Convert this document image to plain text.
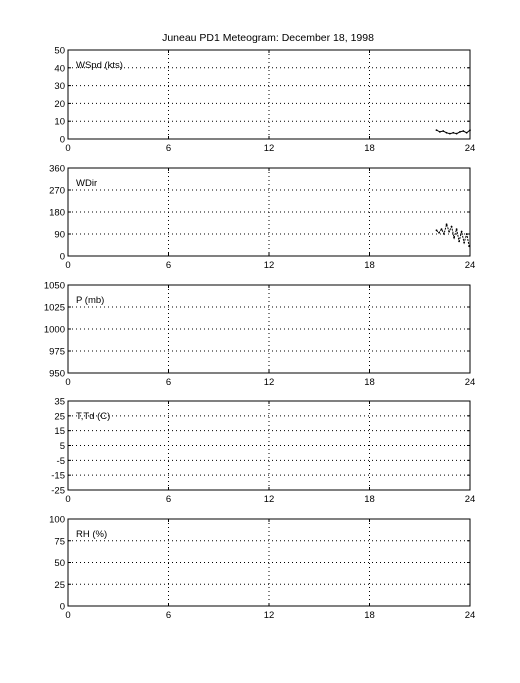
Juneau PD1 Meteogram: December 18, 1998
0	6	12	18	24
0
10
20
30
40
50
WSpd (kts)
0	6	12	18	24
0
90
180
270
360
WDir
0	6	12	18	24
950
975
1000
1025
1050
P (mb)
0	6	12	18	24
-25
-15
-5
5
15
25
35
T,Td (C)
0	6	12	18	24
0
25
50
75
100
RH (%)
